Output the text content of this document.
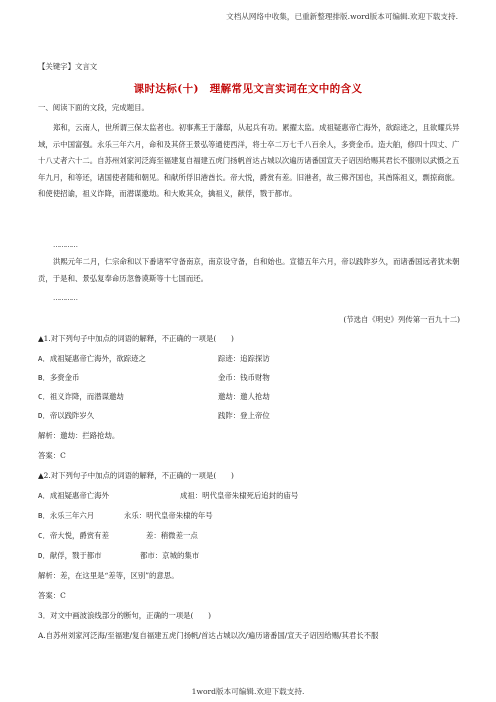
文档从网络中收集，已重新整理排版.word版本可编辑.欢迎下载支持.
【关键字】文言文
课时达标(十)　理解常见文言实词在文中的含义
一、阅读下面的文段，完成题目。
郑和，云南人，世所谓三保太监者也。初事燕王于藩邸，从起兵有功。累擢太监。成祖疑惠帝亡海外，欲踪迹之，且欲耀兵异域，示中国富强。永乐三年六月，命和及其侪王景弘等通使西洋，将士卒二万七千八百余人，多赍金币。造大舶，修四十四丈、广十八丈者六十二。自苏州刘家河泛海至福建复自福建五虎门扬帆首达占城以次遍历诸番国宣天子诏因给赐其君长不服则以武慑之五年九月，和等还，诸国使者随和朝见。和献所俘旧港酋长。帝大悦，爵赏有差。旧港者，故三佛齐国也，其酋陈祖义，剽掠商旅。和使使招谕，祖义诈降，而潜谋邀劫。和大败其众，擒祖义，献俘，戮于都市。
…………
洪熙元年二月，仁宗命和以下番诸军守备南京，南京设守备，自和始也。宣德五年六月，帝以践阼岁久，而诸番国远者犹未朝贡，于是和、景弘复奉命历忽鲁谟斯等十七国而还。
…………
(节选自《明史》列传第一百九十二)
▲1.对下列句子中加点的词语的解释，不正确的一项是(　　)
A．成祖疑惠帝亡海外，欲踪迹之	踪迹：追踪探访
B．多赍金币	金币：钱币财物
C．祖义诈降，而潜谋邀劫	邀劫：邀人抢劫
D．帝以践阼岁久	践阼：登上帝位
解析：邀劫：拦路抢劫。
答案：C
▲2.对下列句子中加点的词语的解释，不正确的一项是(　　)
A．成祖疑惠帝亡海外	成祖：明代皇帝朱棣死后追封的庙号
B．永乐三年六月	永乐：明代皇帝朱棣的年号
C．帝大悦，爵赏有差	差：稍微差一点
D．献俘，戮于都市	都市：京城的集市
解析：差，在这里是“差等，区别”的意思。
答案：C
3．对文中画波浪线部分的断句，正确的一项是(　　)
A.自苏州刘家河泛海/至福建/复自福建五虎门扬帆/首达占城以次/遍历诸番国/宣天子诏因给赐/其君长不服
1word版本可编辑.欢迎下载支持.
